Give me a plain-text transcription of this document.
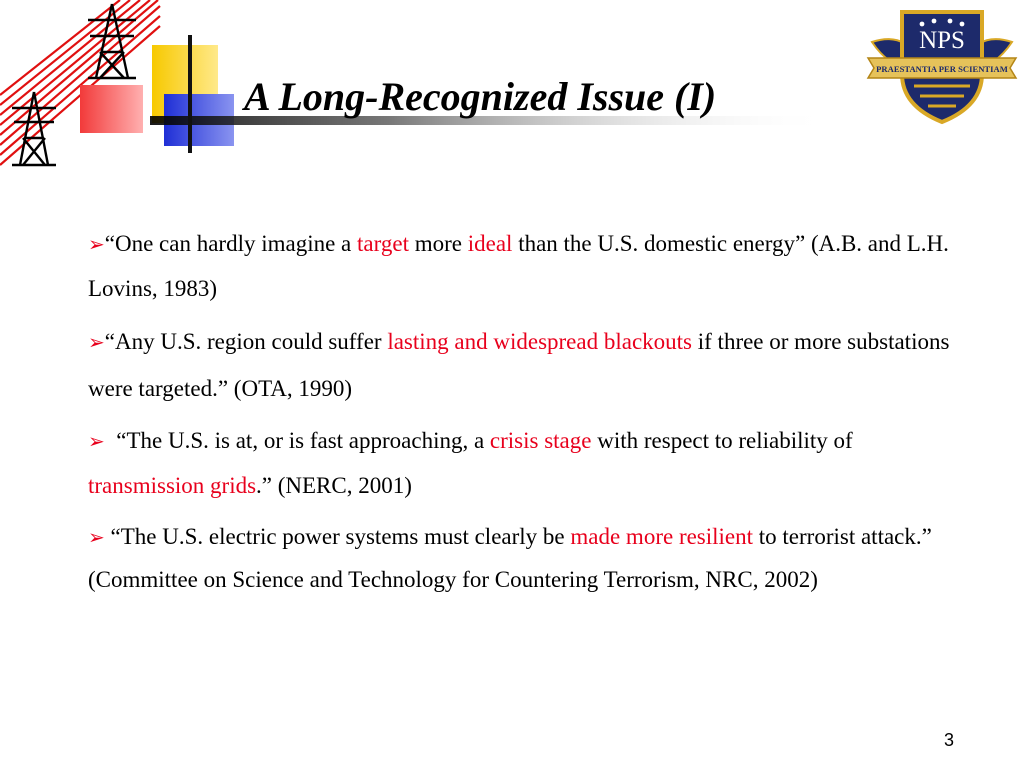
NPS
PRAESTANTIA PER SCIENTIAM
A Long-Recognized Issue (I)
➢“One can hardly imagine a target more ideal than the U.S. domestic energy” (A.B. and L.H. Lovins, 1983)
➢“Any U.S. region could suffer lasting and widespread blackouts if three or more substations were targeted.” (OTA, 1990)
➢  “The U.S. is at, or is fast approaching, a crisis stage with respect to reliability of transmission grids.” (NERC, 2001)
➢ “The U.S. electric power systems must clearly be made more resilient to terrorist attack.” (Committee on Science and Technology for Countering Terrorism, NRC, 2002)
3
